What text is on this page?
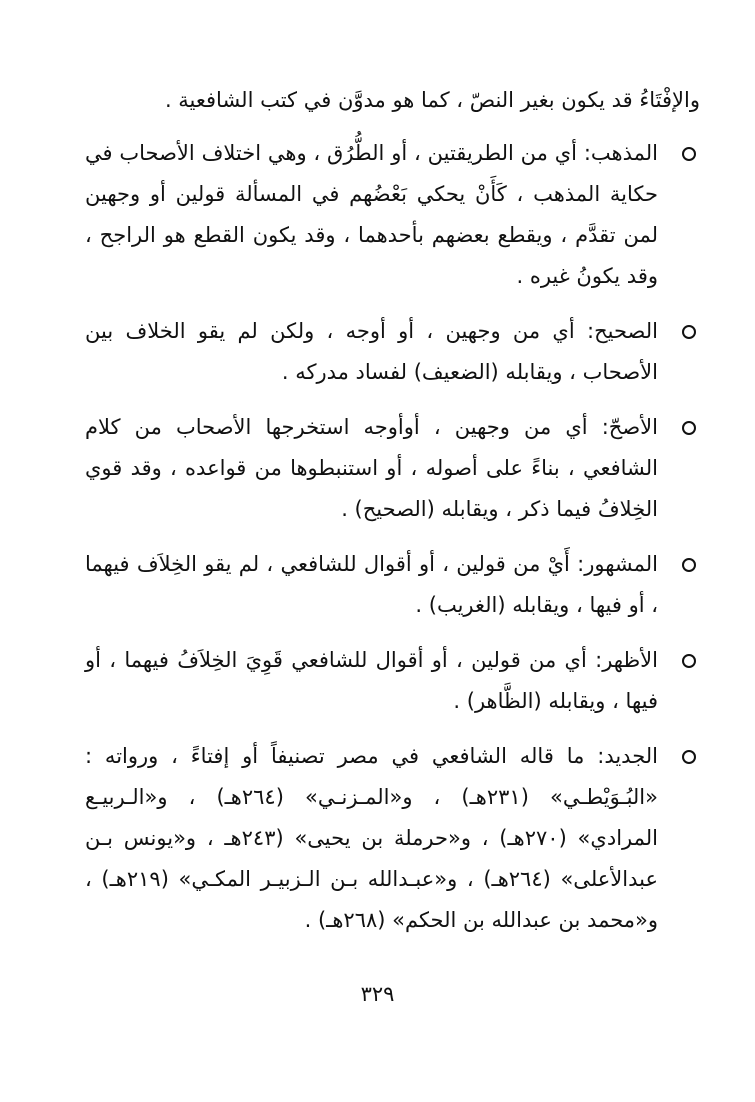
والإفْتَاءُ قد يكون بغير النصّ ، كما هو مدوَّن في كتب الشافعية .
المذهب: أي من الطريقتين ، أو الطُّرُق ، وهي اختلاف الأصحاب في حكاية المذهب ، كَأَنْ يحكي بَعْضُهم في المسألة قولين أو وجهين لمن تقدَّم ، ويقطع بعضهم بأحدهما ، وقد يكون القطع هو الراجح ، وقد يكونُ غيره .
الصحيح: أي من وجهين ، أو أوجه ، ولكن لم يقو الخلاف بين الأصحاب ، ويقابله (الضعيف) لفساد مدركه .
الأصحّ: أي من وجهين ، أوأوجه استخرجها الأصحاب من كلام الشافعي ، بناءً على أصوله ، أو استنبطوها من قواعده ، وقد قوي الخِلافُ فيما ذكر ، ويقابله (الصحيح) .
المشهور: أَيْ من قولين ، أو أقوال للشافعي ، لم يقو الخِلاَف فيهما ، أو فيها ، ويقابله (الغريب) .
الأظهر: أي من قولين ، أو أقوال للشافعي قَوِيَ الخِلاَفُ فيهما ، أو فيها ، ويقابله (الظَّاهر) .
الجديد: ما قاله الشافعي في مصر تصنيفاً أو إفتاءً ، ورواته : «البُـوَيْطـي» (٢٣١هـ) ، و«المـزنـي» (٢٦٤هـ) ، و«الـربيـع المرادي» (٢٧٠هـ) ، و«حرملة بن يحيى» (٢٤٣هـ ، و«يونس بـن عبدالأعلى» (٢٦٤هـ) ، و«عبـدالله بـن الـزبيـر المكـي» (٢١٩هـ) ، و«محمد بن عبدالله بن الحكم» (٢٦٨هـ) .
٣٢٩
